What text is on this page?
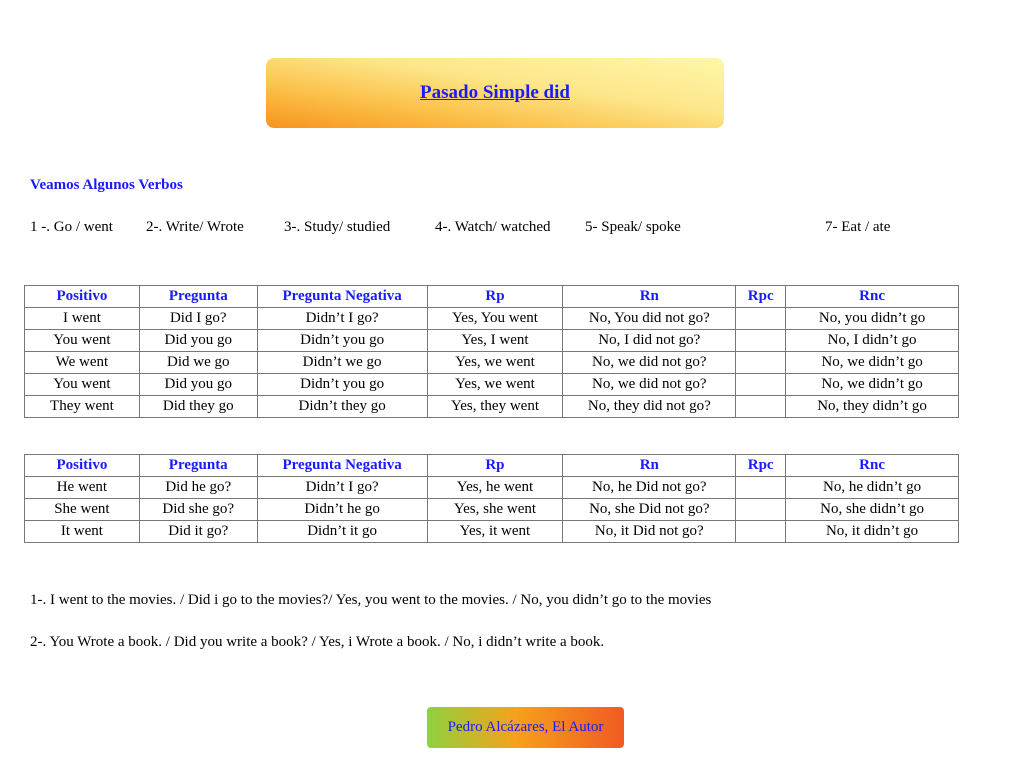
Pasado Simple did
Veamos Algunos Verbos
1 -. Go / went 2-. Write/ Wrote	3-. Study/ studied	4-. Watch/ watched 5- Speak/ spoke	7- Eat / ate
Positivo	Pregunta	Pregunta Negativa	Rp	Rn	Rpc	Rnc
I went	Did I go?	Didn’t I go?	Yes, You went	No, You did not go?		No, you didn’t go
You went	Did you go	Didn’t you go	Yes, I went	No, I did not go?		No, I didn’t go
We went	Did we go	Didn’t we go	Yes, we went	No, we did not go?		No, we didn’t go
You went	Did you go	Didn’t you go	Yes, we went	No, we did not go?		No, we didn’t go
They went	Did they go	Didn’t they go	Yes, they went	No, they did not go?		No, they didn’t go
Positivo	Pregunta	Pregunta Negativa	Rp	Rn	Rpc	Rnc
He went	Did he go?	Didn’t I go?	Yes, he went	No, he Did not go?		No, he didn’t go
She went	Did she go?	Didn’t he go	Yes, she went	No, she Did not go?		No, she didn’t go
It went	Did it go?	Didn’t it go	Yes, it went	No, it Did not go?		No, it didn’t go
1-. I went to the movies. / Did i go to the movies?/ Yes, you went to the movies. / No, you didn’t go to the movies
2-. You Wrote a book. / Did you write a book? / Yes, i Wrote a book. / No, i didn’t write a book.
Pedro Alcázares, El Autor
